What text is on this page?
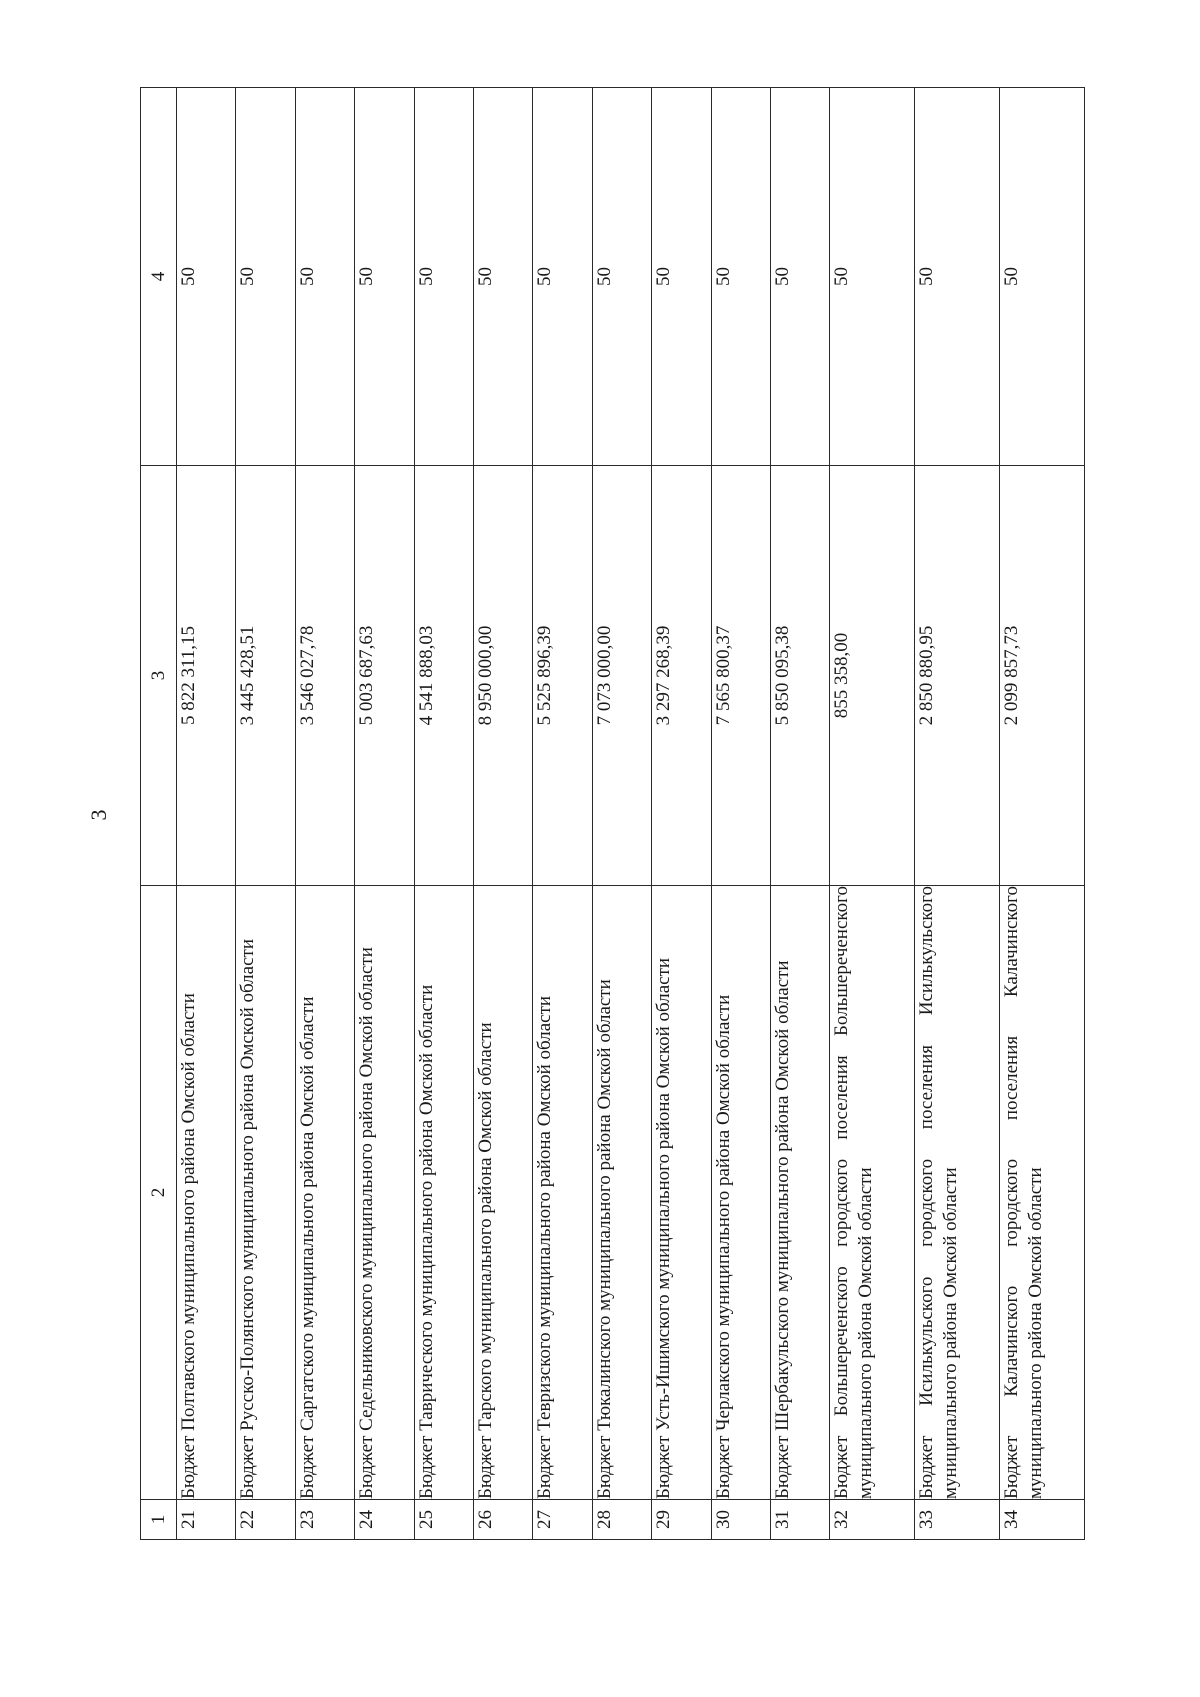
3
1	2	3	4
21	Бюджет Полтавского муниципального района Омской области	5 822 311,15	50
22	Бюджет Русско-Полянского муниципального района Омской области	3 445 428,51	50
23	Бюджет Саргатского муниципального района Омской области	3 546 027,78	50
24	Бюджет Седельниковского муниципального района Омской области	5 003 687,63	50
25	Бюджет Таврического муниципального района Омской области	4 541 888,03	50
26	Бюджет Тарского муниципального района Омской области	8 950 000,00	50
27	Бюджет Тевризского муниципального района Омской области	5 525 896,39	50
28	Бюджет Тюкалинского муниципального района Омской области	7 073 000,00	50
29	Бюджет Усть-Ишимского муниципального района Омской области	3 297 268,39	50
30	Бюджет Черлакского муниципального района Омской области	7 565 800,37	50
31	Бюджет Шербакульского муниципального района Омской области	5 850 095,38	50
32	Бюджет Большереченского городского поселения Большереченского муниципального района Омской области	855 358,00	50
33	Бюджет Исилькульского городского поселения Исилькульского муниципального района Омской области	2 850 880,95	50
34	Бюджет Калачинского городского поселения Калачинского муниципального района Омской области	2 099 857,73	50
